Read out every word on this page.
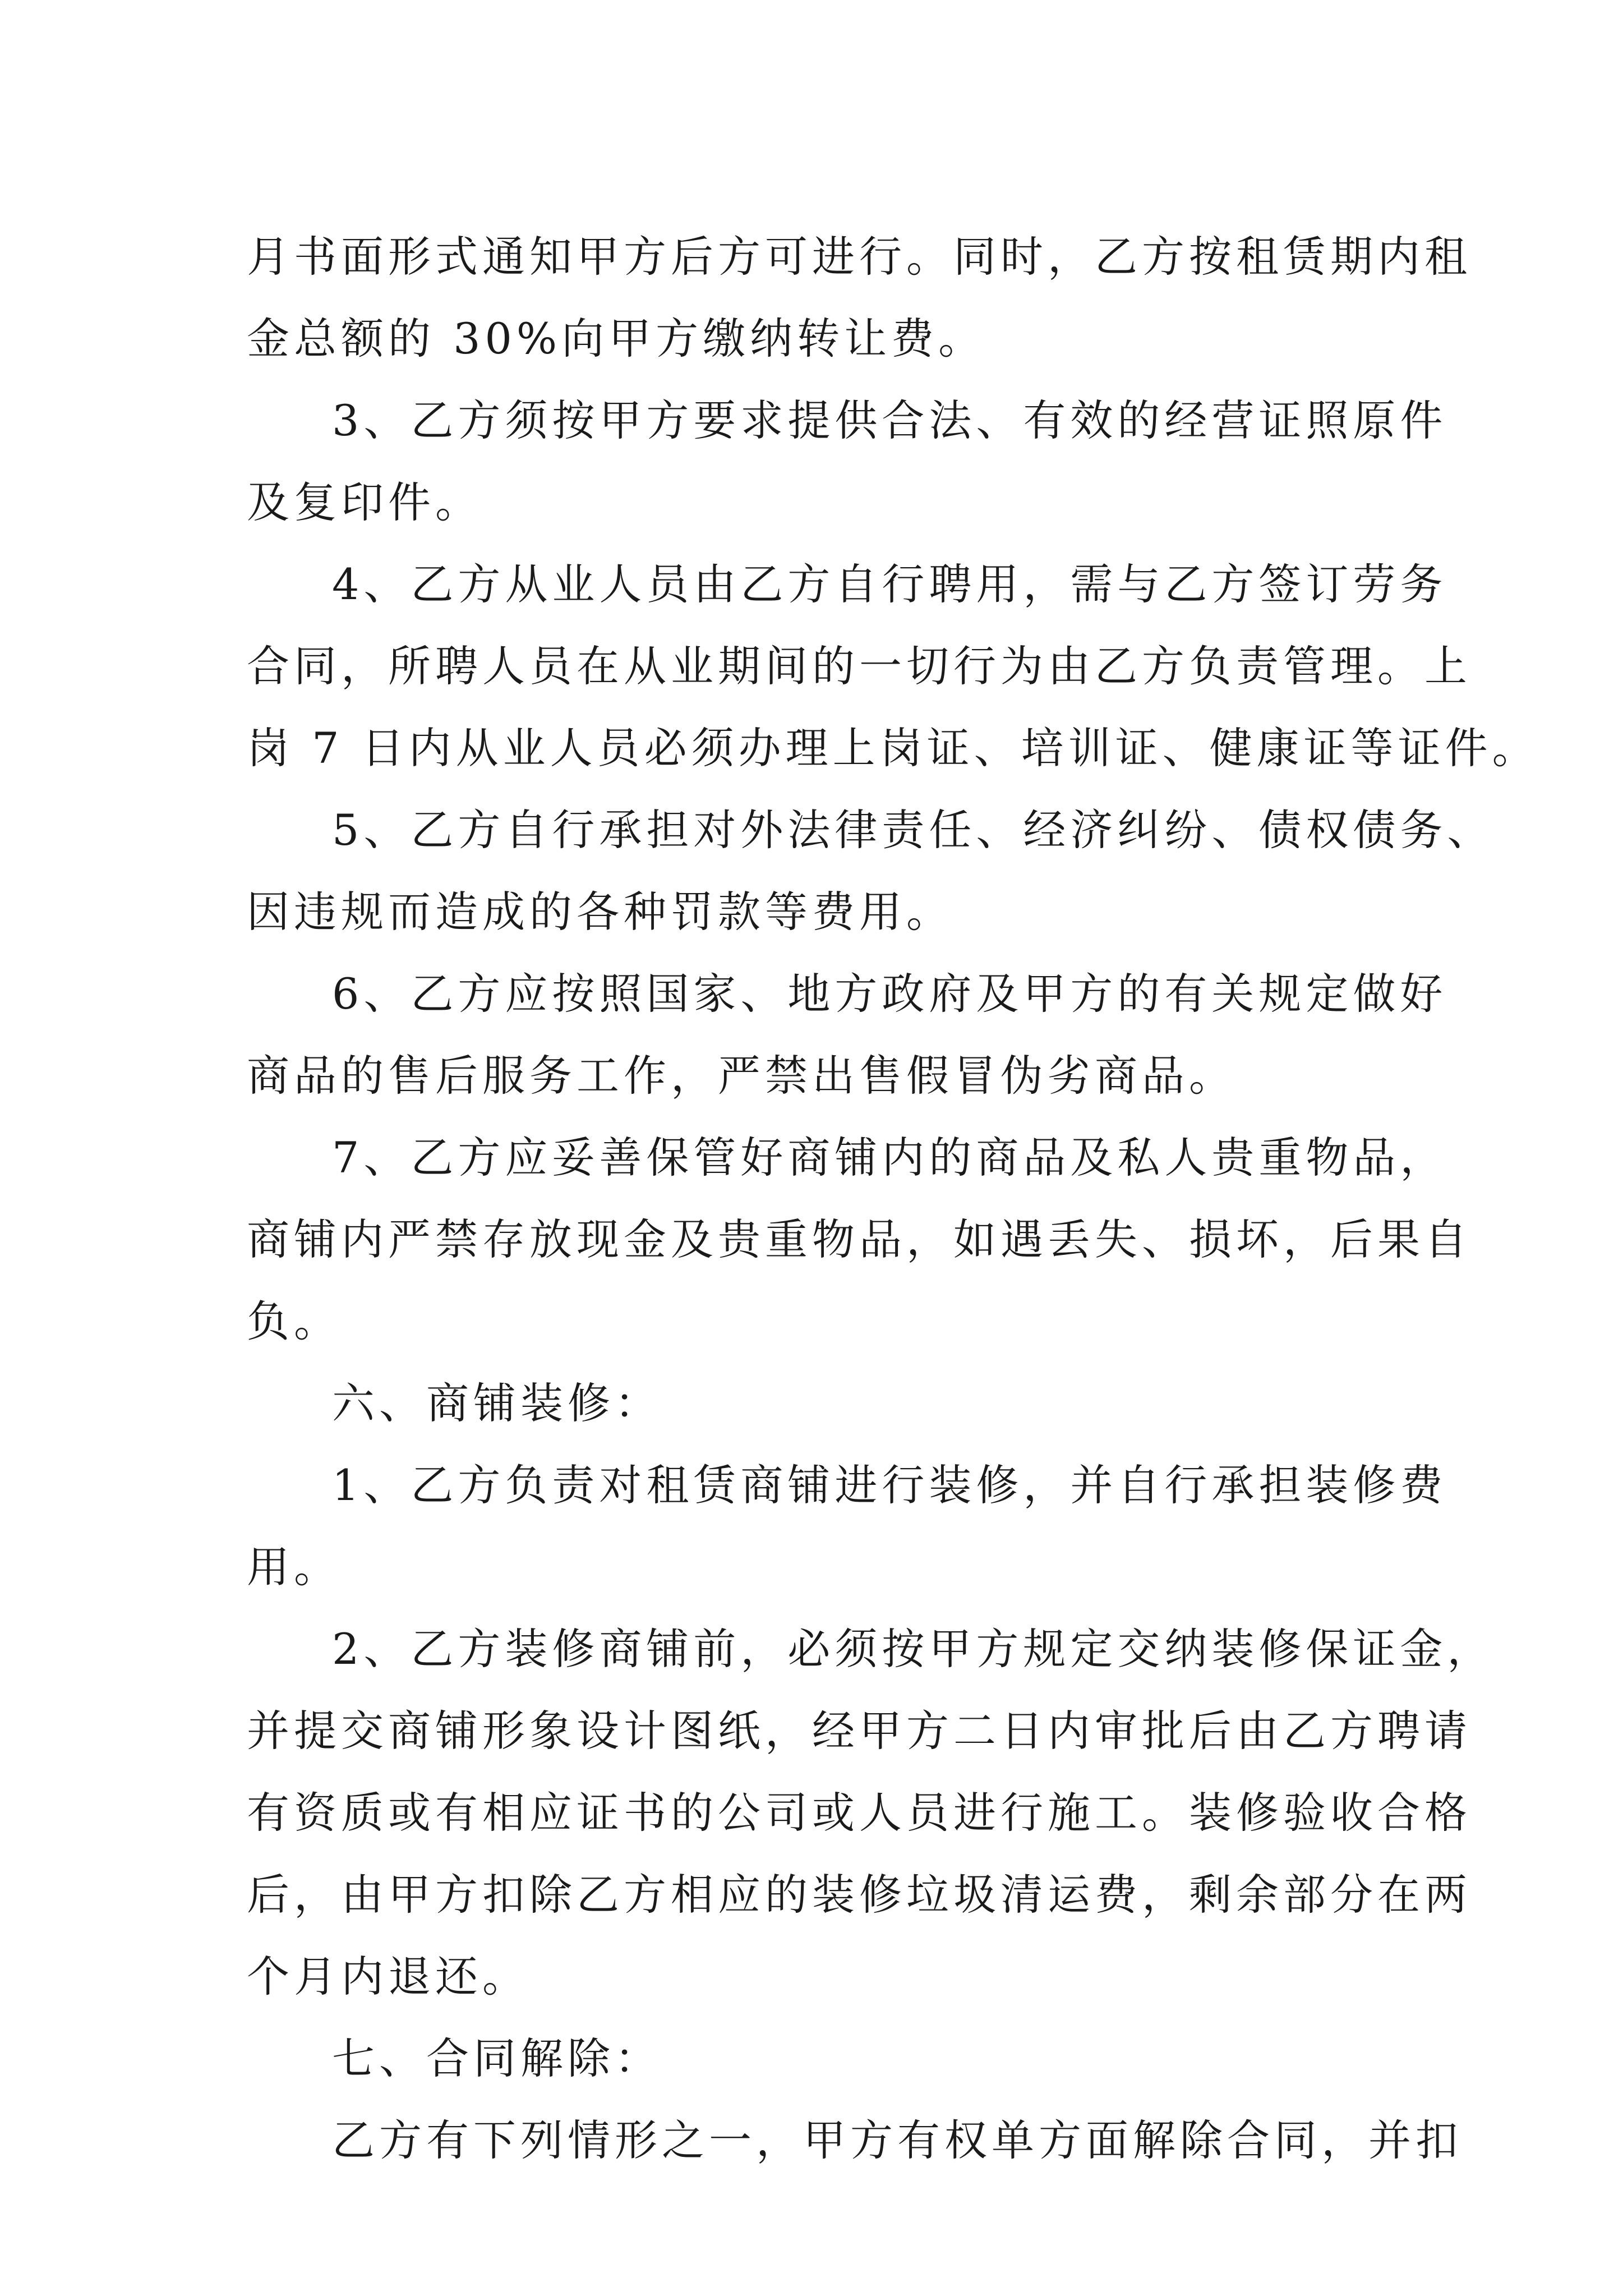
月书面形式通知甲方后方可进行。同时，乙方按租赁期内租
金总额的 30%向甲方缴纳转让费。
3、乙方须按甲方要求提供合法、有效的经营证照原件
及复印件。
4、乙方从业人员由乙方自行聘用，需与乙方签订劳务
合同，所聘人员在从业期间的一切行为由乙方负责管理。上
岗 7 日内从业人员必须办理上岗证、培训证、健康证等证件。
5、乙方自行承担对外法律责任、经济纠纷、债权债务、
因违规而造成的各种罚款等费用。
6、乙方应按照国家、地方政府及甲方的有关规定做好
商品的售后服务工作，严禁出售假冒伪劣商品。
7、乙方应妥善保管好商铺内的商品及私人贵重物品，
商铺内严禁存放现金及贵重物品，如遇丢失、损坏，后果自
负。
六、商铺装修：
1、乙方负责对租赁商铺进行装修，并自行承担装修费
用。
2、乙方装修商铺前，必须按甲方规定交纳装修保证金，
并提交商铺形象设计图纸，经甲方二日内审批后由乙方聘请
有资质或有相应证书的公司或人员进行施工。装修验收合格
后，由甲方扣除乙方相应的装修垃圾清运费，剩余部分在两
个月内退还。
七、合同解除：
乙方有下列情形之一，甲方有权单方面解除合同，并扣
